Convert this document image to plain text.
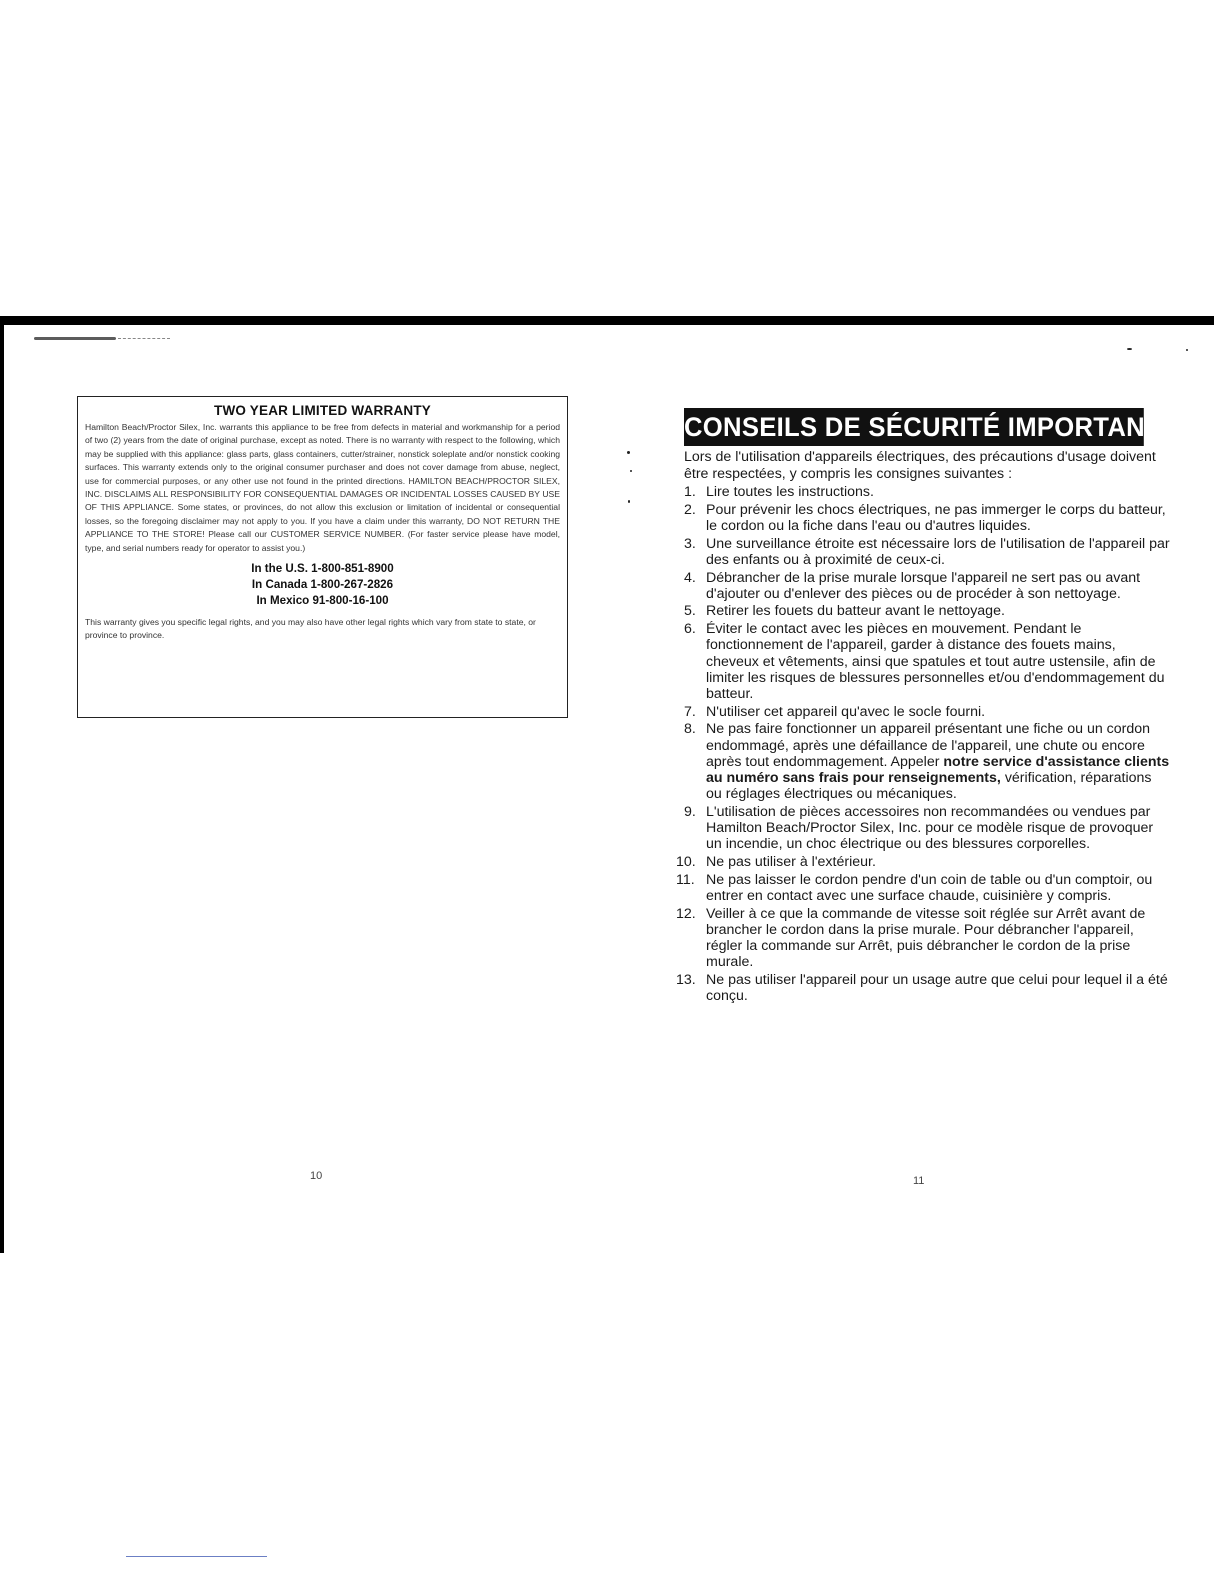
TWO YEAR LIMITED WARRANTY

Hamilton Beach/Proctor Silex, Inc. warrants this appliance to be free from defects in material and workmanship for a period of two (2) years from the date of original purchase, except as noted. There is no warranty with respect to the following, which may be supplied with this appliance: glass parts, glass containers, cutter/strainer, nonstick soleplate and/or nonstick cooking surfaces. This warranty extends only to the original consumer purchaser and does not cover damage from abuse, neglect, use for commercial purposes, or any other use not found in the printed directions. HAMILTON BEACH/PROCTOR SILEX, INC. DISCLAIMS ALL RESPONSIBILITY FOR CONSEQUENTIAL DAMAGES OR INCIDENTAL LOSSES CAUSED BY USE OF THIS APPLIANCE. Some states, or provinces, do not allow this exclusion or limitation of incidental or consequential losses, so the foregoing disclaimer may not apply to you. If you have a claim under this warranty, DO NOT RETURN THE APPLIANCE TO THE STORE! Please call our CUSTOMER SERVICE NUMBER. (For faster service please have model, type, and serial numbers ready for operator to assist you.)

In the U.S. 1-800-851-8900
In Canada 1-800-267-2826
In Mexico 91-800-16-100

This warranty gives you specific legal rights, and you may also have other legal rights which vary from state to state, or province to province.

CONSEILS DE SÉCURITÉ IMPORTANTS

Lors de l'utilisation d'appareils électriques, des précautions d'usage doivent être respectées, y compris les consignes suivantes :

1. Lire toutes les instructions.
2. Pour prévenir les chocs électriques, ne pas immerger le corps du batteur, le cordon ou la fiche dans l'eau ou d'autres liquides.
3. Une surveillance étroite est nécessaire lors de l'utilisation de l'appareil par des enfants ou à proximité de ceux-ci.
4. Débrancher de la prise murale lorsque l'appareil ne sert pas ou avant d'ajouter ou d'enlever des pièces ou de procéder à son nettoyage.
5. Retirer les fouets du batteur avant le nettoyage.
6. Éviter le contact avec les pièces en mouvement. Pendant le fonctionnement de l'appareil, garder à distance des fouets mains, cheveux et vêtements, ainsi que spatules et tout autre ustensile, afin de limiter les risques de blessures personnelles et/ou d'endommagement du batteur.
7. N'utiliser cet appareil qu'avec le socle fourni.
8. Ne pas faire fonctionner un appareil présentant une fiche ou un cordon endommagé, après une défaillance de l'appareil, une chute ou encore après tout endommagement. Appeler notre service d'assistance clients au numéro sans frais pour renseignements, vérification, réparations ou réglages électriques ou mécaniques.
9. L'utilisation de pièces accessoires non recommandées ou vendues par Hamilton Beach/Proctor Silex, Inc. pour ce modèle risque de provoquer un incendie, un choc électrique ou des blessures corporelles.
10. Ne pas utiliser à l'extérieur.
11. Ne pas laisser le cordon pendre d'un coin de table ou d'un comptoir, ou entrer en contact avec une surface chaude, cuisinière y compris.
12. Veiller à ce que la commande de vitesse soit réglée sur Arrêt avant de brancher le cordon dans la prise murale. Pour débrancher l'appareil, régler la commande sur Arrêt, puis débrancher le cordon de la prise murale.
13. Ne pas utiliser l'appareil pour un usage autre que celui pour lequel il a été conçu.
10	11
